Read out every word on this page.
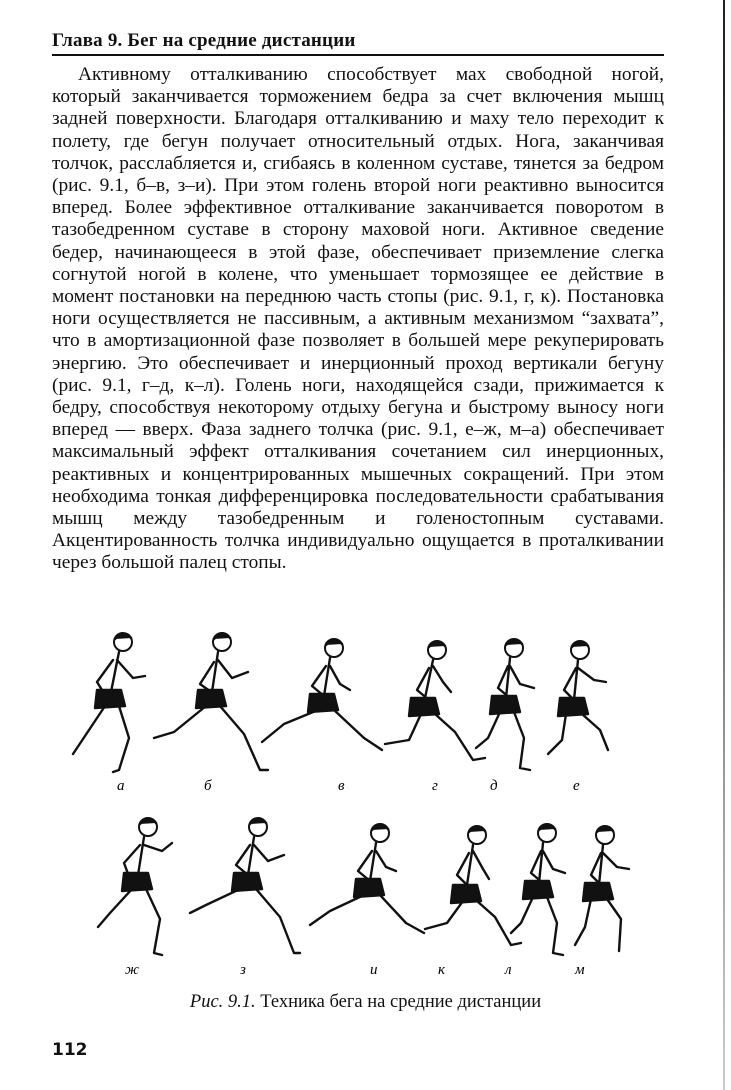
Глава 9. Бег на средние дистанции

Активному отталкиванию способствует мах свободной ногой, который заканчивается торможением бедра за счет включения мышц задней поверхности. Благодаря отталкиванию и маху тело переходит к полету, где бегун получает относительный отдых. Нога, заканчивая толчок, расслабляется и, сгибаясь в коленном суставе, тянется за бедром (рис. 9.1, б–в, з–и). При этом голень второй ноги реактивно выносится вперед. Более эффективное отталкивание заканчивается поворотом в тазобедренном суставе в сторону маховой ноги. Активное сведение бедер, начинающееся в этой фазе, обеспечивает приземление слегка согнутой ногой в колене, что уменьшает тормозящее ее действие в момент постановки на переднюю часть стопы (рис. 9.1, г, к). Постановка ноги осуществляется не пассивным, а активным механизмом “захвата”, что в амортизационной фазе позволяет в большей мере рекуперировать энергию. Это обеспечивает и инерционный проход вертикали бегуну (рис. 9.1, г–д, к–л). Голень ноги, находящейся сзади, прижимается к бедру, способствуя некоторому отдыху бегуна и быстрому выносу ноги вперед — вверх. Фаза заднего толчка (рис. 9.1, е–ж, м–а) обеспечивает максимальный эффект отталкивания сочетанием сил инерционных, реактивных и концентрированных мышечных сокращений. При этом необходима тонкая дифференцировка последовательности срабатывания мышц между тазобедренным и голеностопным суставами. Акцентированность толчка индивидуально ощущается в проталкивании через большой палец стопы.

а	б	в	г	д	е
ж	з	и	к	л	м
Рис. 9.1. Техника бега на средние дистанции
112
